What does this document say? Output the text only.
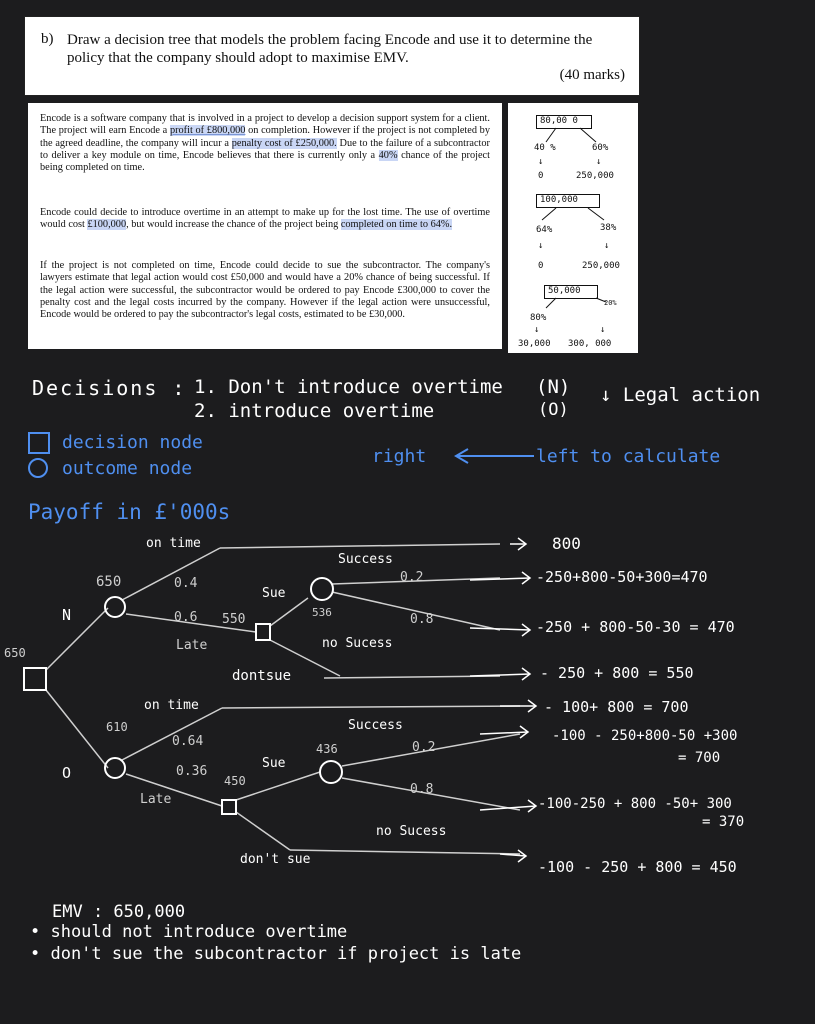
b) Draw a decision tree that models the problem facing Encode and use it to determine the policy that the company should adopt to maximise EMV.
(40 marks)

Encode is a software company that is involved in a project to develop a decision support system for a client. The project will earn Encode a profit of £800,000 on completion. However if the project is not completed by the agreed deadline, the company will incur a penalty cost of £250,000. Due to the failure of a subcontractor to deliver a key module on time, Encode believes that there is currently only a 40% chance of the project being completed on time.

Encode could decide to introduce overtime in an attempt to make up for the lost time. The use of overtime would cost £100,000, but would increase the chance of the project being completed on time to 64%.

If the project is not completed on time, Encode could decide to sue the subcontractor. The company's lawyers estimate that legal action would cost £50,000 and would have a 20% chance of being successful. If the legal action were successful, the subcontractor would be ordered to pay Encode £300,000 to cover the penalty cost and the legal costs incurred by the company. However if the legal action were unsuccessful, Encode would be ordered to pay the subcontractor's legal costs, estimated to be £30,000.

80,00 0
40 %	60%
↓	↓
0	250,000
100,000
64%	38%
↓	↓
0	250,000
50,000
80%
20%
↓	↓
30,000 300, 000
Decisions : 1. Don't introduce overtime
2. introduce overtime
(N)
(O)
↓ Legal action
decision node
outcome node
right	left to calculate
Payoff in £'000s
650
N
O
650
610
on time
0.4
0.6
Late
550
Sue
536
Success
0.2
0.8
no Sucess
dontsue
on time
0.64
0.36
Late
450
Sue
436
Success
0.2
0.8
no Sucess
don't sue
800
-250+800-50+300=470
-250 + 800-50-30 = 470
- 250 + 800 = 550
- 100+ 800 = 700
-100 - 250+800-50 +300
= 700
-100-250 + 800 -50+ 300
= 370
-100 - 250 + 800 = 450
EMV : 650,000
• should not introduce overtime
• don't sue the subcontractor if project is late
